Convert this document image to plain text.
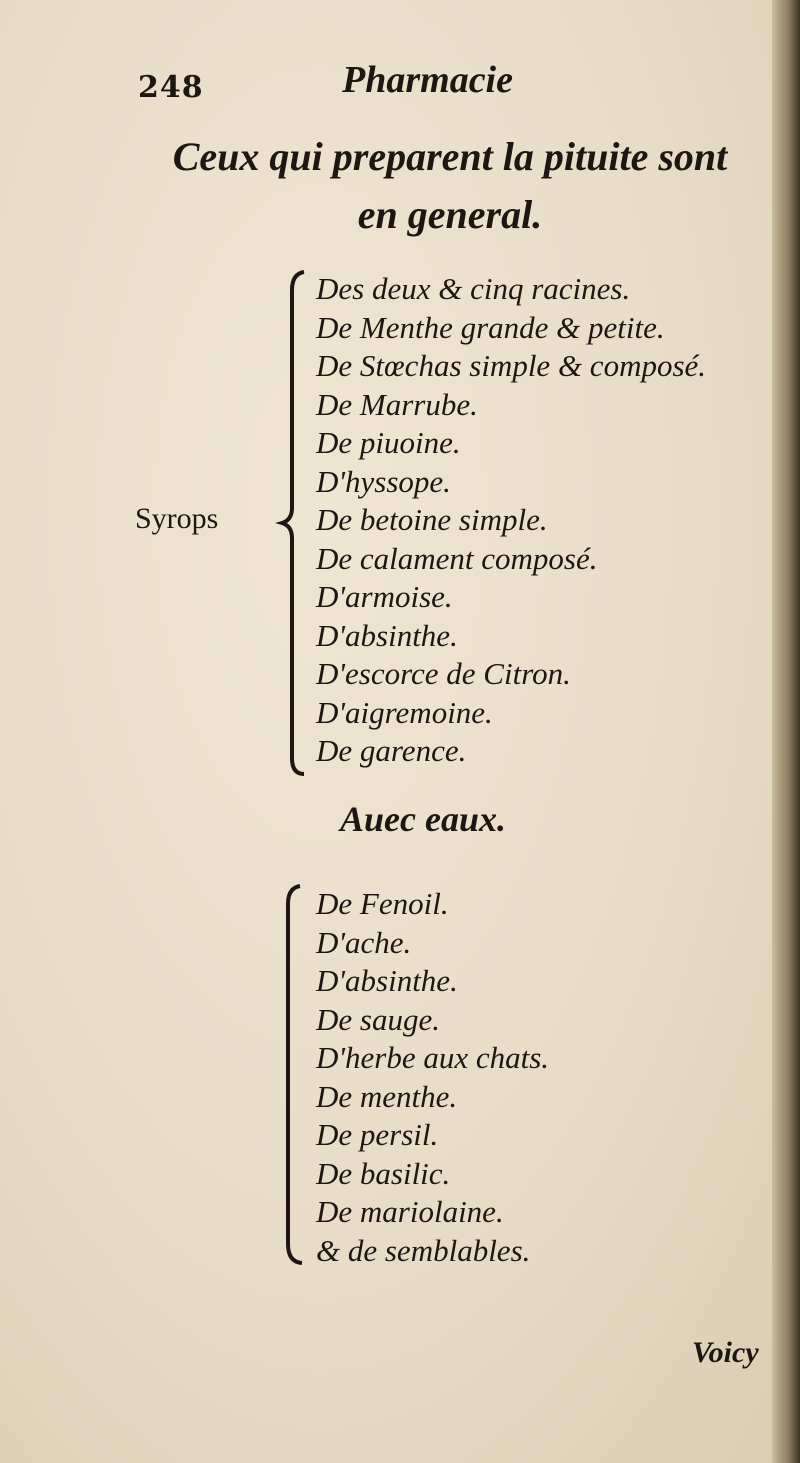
248	Pharmacie
Ceux qui preparent la pituite sont
en general.
Syrops
Des deux & cinq racines.
De Menthe grande & petite.
De Stœchas simple & composé.
De Marrube.
De piuoine.
D'hyssope.
De betoine simple.
De calament composé.
D'armoise.
D'absinthe.
D'escorce de Citron.
D'aigremoine.
De garence.
Auec eaux.
De Fenoil.
D'ache.
D'absinthe.
De sauge.
D'herbe aux chats.
De menthe.
De persil.
De basilic.
De mariolaine.
& de semblables.
Voicy
